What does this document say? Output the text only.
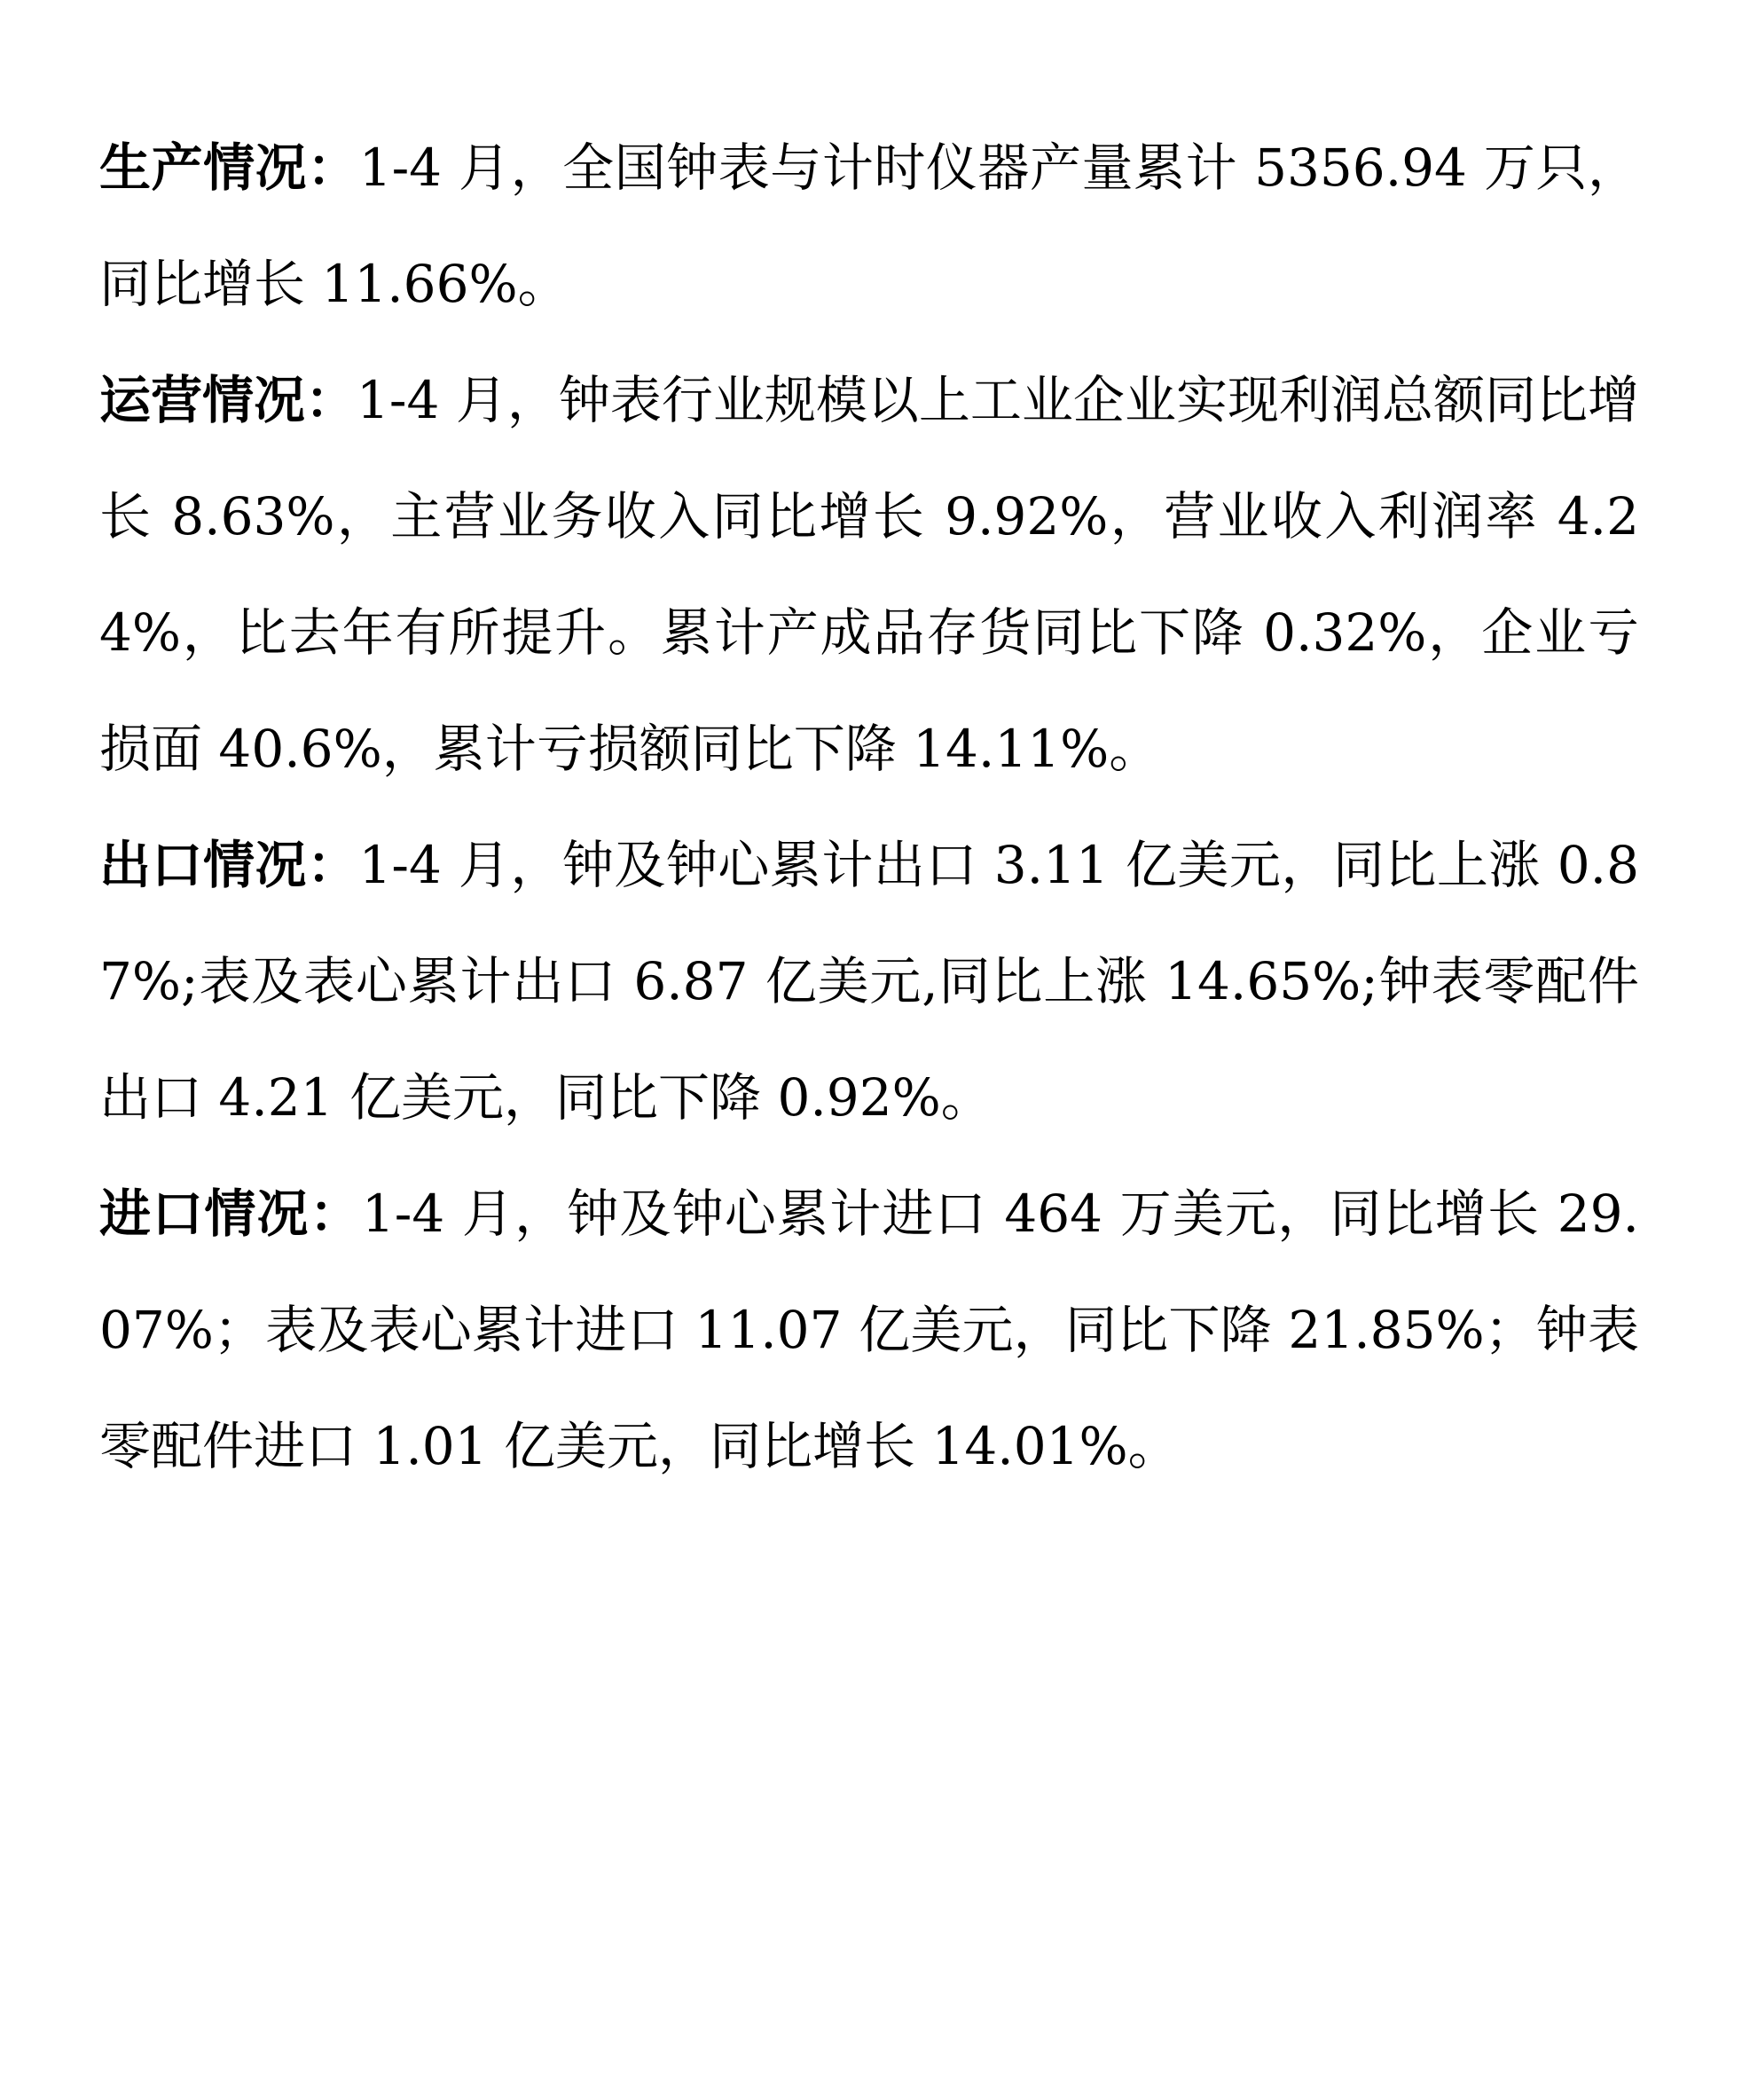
生产情况：1-4 月，全国钟表与计时仪器产量累计 5356.94 万只，同比增长 11.66%。

运营情况：1-4 月，钟表行业规模以上工业企业实现利润总额同比增长 8.63%，主营业务收入同比增长 9.92%，营业收入利润率 4.24%，比去年有所提升。累计产成品存货同比下降 0.32%，企业亏损面 40.6%，累计亏损额同比下降 14.11%。

出口情况：1-4 月，钟及钟心累计出口 3.11 亿美元，同比上涨 0.87%;表及表心累计出口 6.87 亿美元,同比上涨 14.65%;钟表零配件出口 4.21 亿美元，同比下降 0.92%。

进口情况：1-4 月，钟及钟心累计进口 464 万美元，同比增长 29.07%；表及表心累计进口 11.07 亿美元，同比下降 21.85%；钟表零配件进口 1.01 亿美元，同比增长 14.01%。
